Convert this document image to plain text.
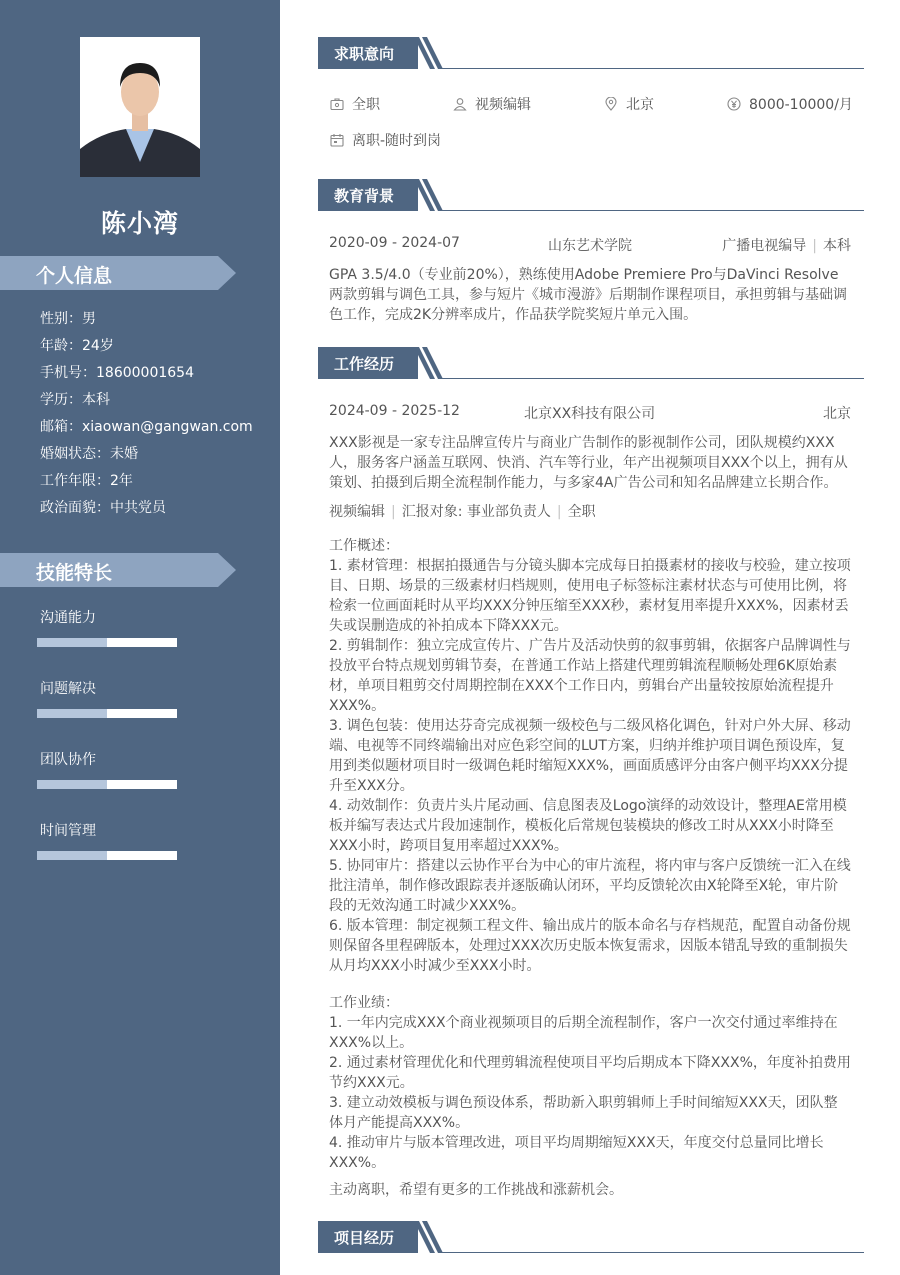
陈小湾
个人信息
性别：男
年龄：24岁
手机号：18600001654
学历：本科
邮箱：xiaowan@gangwan.com
婚姻状态：未婚
工作年限：2年
政治面貌：中共党员
技能特长
沟通能力
问题解决
团队协作
时间管理
求职意向
全职	视频编辑	北京	8000-10000/月
离职-随时到岗
教育背景
2020-09 - 2024-07	山东艺术学院	广播电视编导 | 本科
GPA 3.5/4.0（专业前20%），熟练使用Adobe Premiere Pro与DaVinci Resolve两款剪辑与调色工具，参与短片《城市漫游》后期制作课程项目，承担剪辑与基础调色工作，完成2K分辨率成片，作品获学院奖短片单元入围。
工作经历
2024-09 - 2025-12	北京XX科技有限公司	北京
XXX影视是一家专注品牌宣传片与商业广告制作的影视制作公司，团队规模约XXX人，服务客户涵盖互联网、快消、汽车等行业，年产出视频项目XXX个以上，拥有从策划、拍摄到后期全流程制作能力，与多家4A广告公司和知名品牌建立长期合作。
视频编辑 | 汇报对象: 事业部负责人 | 全职
工作概述：
1. 素材管理：根据拍摄通告与分镜头脚本完成每日拍摄素材的接收与校验，建立按项目、日期、场景的三级素材归档规则，使用电子标签标注素材状态与可使用比例，将检索一位画面耗时从平均XXX分钟压缩至XXX秒，素材复用率提升XXX%，因素材丢失或误删造成的补拍成本下降XXX元。
2. 剪辑制作：独立完成宣传片、广告片及活动快剪的叙事剪辑，依据客户品牌调性与投放平台特点规划剪辑节奏，在普通工作站上搭建代理剪辑流程顺畅处理6K原始素材，单项目粗剪交付周期控制在XXX个工作日内，剪辑台产出量较按原始流程提升XXX%。
3. 调色包装：使用达芬奇完成视频一级校色与二级风格化调色，针对户外大屏、移动端、电视等不同终端输出对应色彩空间的LUT方案，归纳并维护项目调色预设库，复用到类似题材项目时一级调色耗时缩短XXX%，画面质感评分由客户侧平均XXX分提升至XXX分。
4. 动效制作：负责片头片尾动画、信息图表及Logo演绎的动效设计，整理AE常用模板并编写表达式片段加速制作，模板化后常规包装模块的修改工时从XXX小时降至XXX小时，跨项目复用率超过XXX%。
5. 协同审片：搭建以云协作平台为中心的审片流程，将内审与客户反馈统一汇入在线批注清单，制作修改跟踪表并逐版确认闭环，平均反馈轮次由X轮降至X轮，审片阶段的无效沟通工时减少XXX%。
6. 版本管理：制定视频工程文件、输出成片的版本命名与存档规范，配置自动备份规则保留各里程碑版本，处理过XXX次历史版本恢复需求，因版本错乱导致的重制损失从月均XXX小时减少至XXX小时。
工作业绩：
1. 一年内完成XXX个商业视频项目的后期全流程制作，客户一次交付通过率维持在XXX%以上。
2. 通过素材管理优化和代理剪辑流程使项目平均后期成本下降XXX%，年度补拍费用节约XXX元。
3. 建立动效模板与调色预设体系，帮助新入职剪辑师上手时间缩短XXX天，团队整体月产能提高XXX%。
4. 推动审片与版本管理改进，项目平均周期缩短XXX天，年度交付总量同比增长XXX%。
主动离职，希望有更多的工作挑战和涨薪机会。
项目经历
